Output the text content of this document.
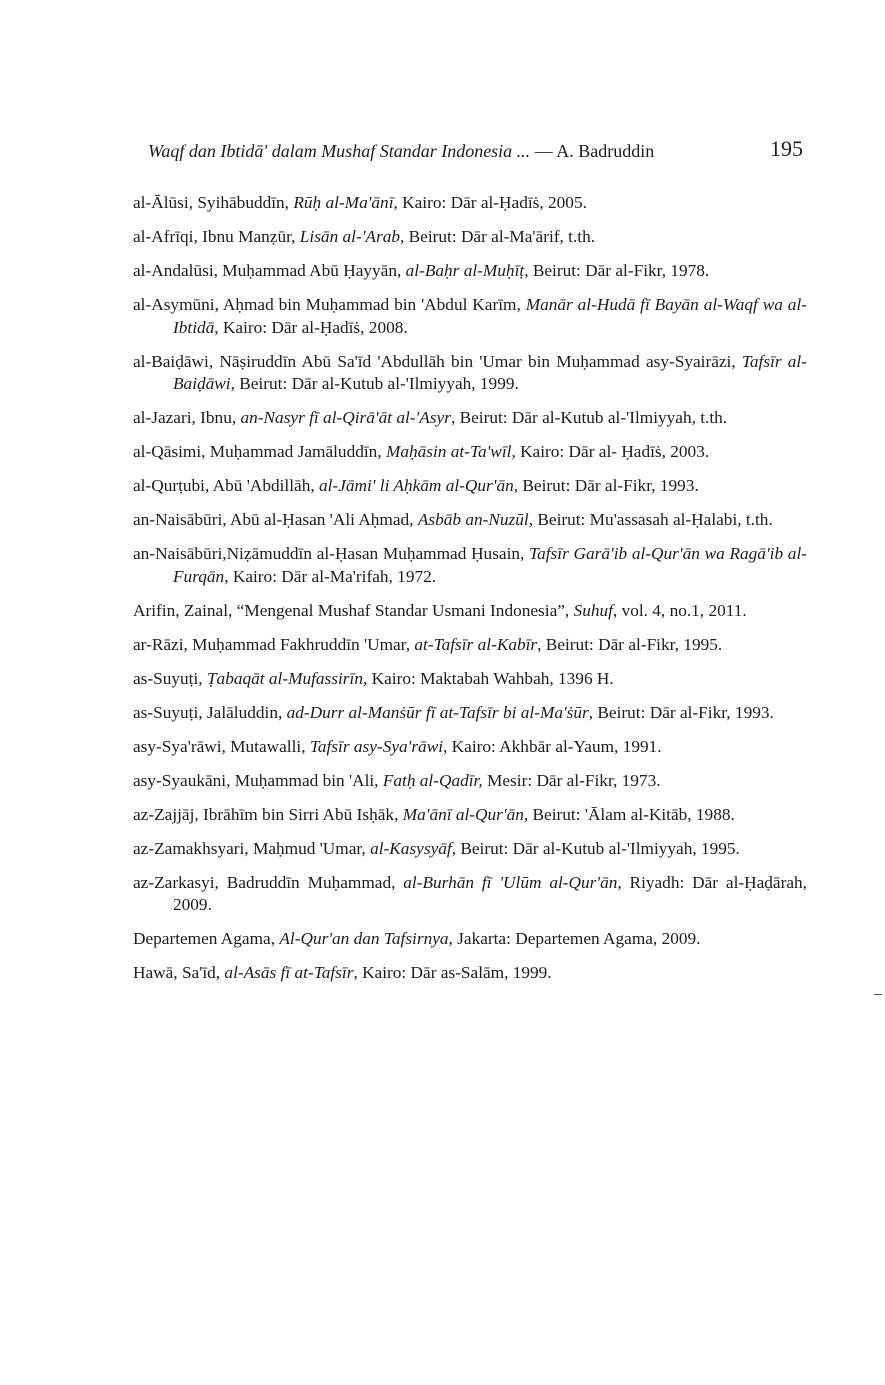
Waqf dan Ibtidā' dalam Mushaf Standar Indonesia ... — A. Badruddin	195
al-Ālūsi, Syihābuddīn, Rūḥ al-Ma'ānī, Kairo: Dār al-Ḥadīṡ, 2005.
al-Afrīqi, Ibnu Manẓūr, Lisān al-'Arab, Beirut: Dār al-Ma'ārif, t.th.
al-Andalūsi, Muḥammad Abū Ḥayyān, al-Baḥr al-Muḥīṭ, Beirut: Dār al-Fikr, 1978.
al-Asymūni, Aḥmad bin Muḥammad bin 'Abdul Karīm, Manār al-Hudā fī Bayān al-Waqf wa al-Ibtidā, Kairo: Dār al-Ḥadīṡ, 2008.
al-Baiḍāwi, Nāṣiruddīn Abū Sa'īd 'Abdullāh bin 'Umar bin Muḥammad asy-Syairāzi, Tafsīr al-Baiḍāwi, Beirut: Dār al-Kutub al-'Ilmiyyah, 1999.
al-Jazari, Ibnu, an-Nasyr fī al-Qirā'āt al-'Asyr, Beirut: Dār al-Kutub al-'Ilmiyyah, t.th.
al-Qāsimi, Muḥammad Jamāluddīn, Maḥāsin at-Ta'wīl, Kairo: Dār al- Ḥadīṡ, 2003.
al-Qurṭubi, Abū 'Abdillāh, al-Jāmi' li Aḥkām al-Qur'ān, Beirut: Dār al-Fikr, 1993.
an-Naisābūri, Abū al-Ḥasan 'Ali Aḥmad, Asbāb an-Nuzūl, Beirut: Mu'assasah al-Ḥalabi, t.th.
an-Naisābūri,Niẓāmuddīn al-Ḥasan Muḥammad Ḥusain, Tafsīr Garā'ib al-Qur'ān wa Ragā'ib al-Furqān, Kairo: Dār al-Ma'rifah, 1972.
Arifin, Zainal, “Mengenal Mushaf Standar Usmani Indonesia”, Suhuf, vol. 4, no.1, 2011.
ar-Rāzi, Muḥammad Fakhruddīn 'Umar, at-Tafsīr al-Kabīr, Beirut: Dār al-Fikr, 1995.
as-Suyuṭi, Ṭabaqāt al-Mufassirīn, Kairo: Maktabah Wahbah, 1396 H.
as-Suyuṭi, Jalāluddin, ad-Durr al-Manṡūr fī at-Tafsīr bi al-Ma'ṡūr, Beirut: Dār al-Fikr, 1993.
asy-Sya'rāwi, Mutawalli, Tafsīr asy-Sya'rāwi, Kairo: Akhbār al-Yaum, 1991.
asy-Syaukāni, Muḥammad bin 'Ali, Fatḥ al-Qadīr, Mesir: Dār al-Fikr, 1973.
az-Zajjāj, Ibrāhīm bin Sirri Abū Isḥāk, Ma'ānī al-Qur'ān, Beirut: 'Ālam al-Kitāb, 1988.
az-Zamakhsyari, Maḥmud 'Umar, al-Kasysyāf, Beirut: Dār al-Kutub al-'Ilmiyyah, 1995.
az-Zarkasyi, Badruddīn Muḥammad, al-Burhān fī 'Ulūm al-Qur'ān, Riyadh: Dār al-Ḥaḍārah, 2009.
Departemen Agama, Al-Qur'an dan Tafsirnya, Jakarta: Departemen Agama, 2009.
Hawā, Sa'īd, al-Asās fī at-Tafsīr, Kairo: Dār as-Salām, 1999.
